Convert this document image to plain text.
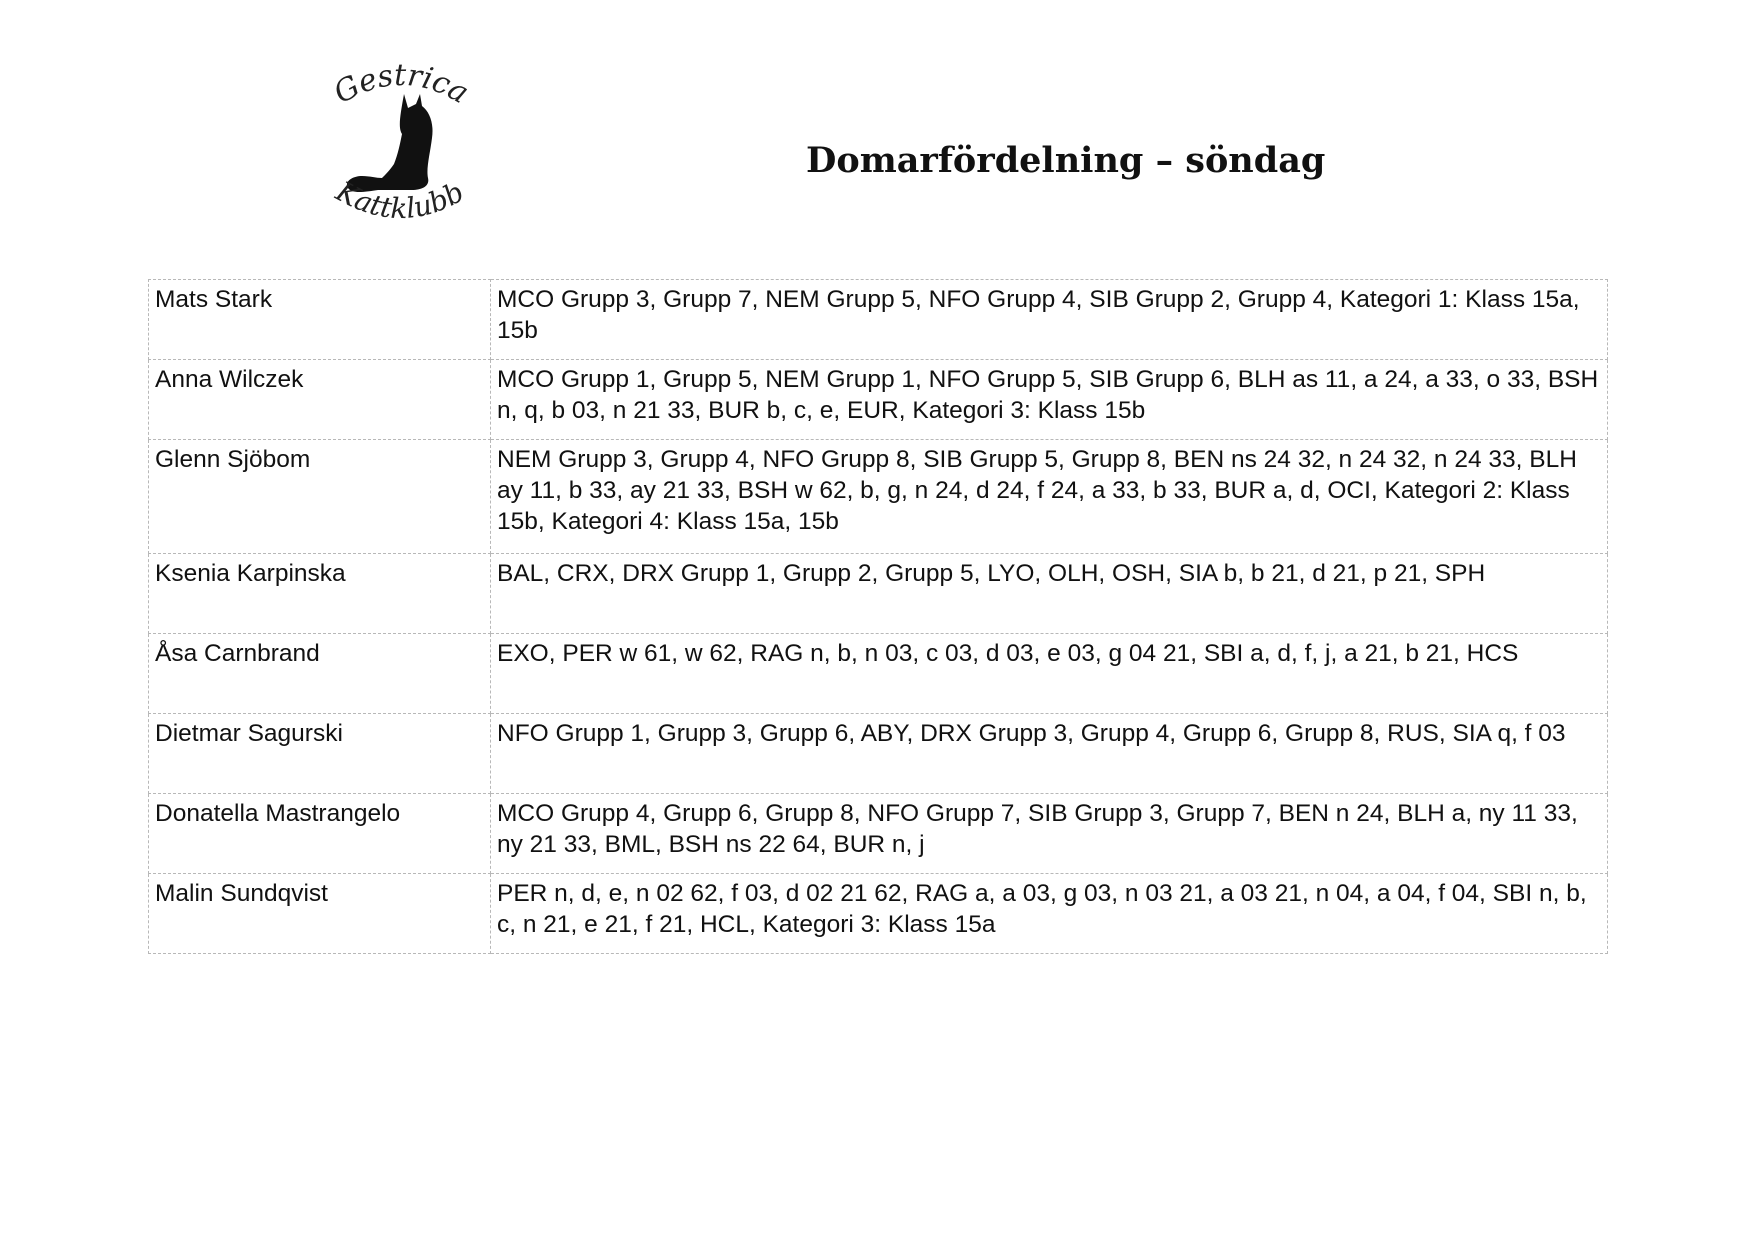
Gestrica
Kattklubb
Domarfördelning – söndag
Mats Stark	MCO Grupp 3, Grupp 7, NEM Grupp 5, NFO Grupp 4, SIB Grupp 2, Grupp 4, Kategori 1: Klass 15a, 15b
Anna Wilczek	MCO Grupp 1, Grupp 5, NEM Grupp 1, NFO Grupp 5, SIB Grupp 6, BLH as 11, a 24, a 33, o 33, BSH n, q, b 03, n 21 33, BUR b, c, e, EUR, Kategori 3: Klass 15b
Glenn Sjöbom	NEM Grupp 3, Grupp 4, NFO Grupp 8, SIB Grupp 5, Grupp 8, BEN ns 24 32, n 24 32, n 24 33, BLH ay 11, b 33, ay 21 33, BSH w 62, b, g, n 24, d 24, f 24, a 33, b 33, BUR a, d, OCI, Kategori 2: Klass 15b, Kategori 4: Klass 15a, 15b
Ksenia Karpinska	BAL, CRX, DRX Grupp 1, Grupp 2, Grupp 5, LYO, OLH, OSH, SIA b, b 21, d 21, p 21, SPH
Åsa Carnbrand	EXO, PER w 61, w 62, RAG n, b, n 03, c 03, d 03, e 03, g 04 21, SBI a, d, f, j, a 21, b 21, HCS
Dietmar Sagurski	NFO Grupp 1, Grupp 3, Grupp 6, ABY, DRX Grupp 3, Grupp 4, Grupp 6, Grupp 8, RUS, SIA q, f 03
Donatella Mastrangelo	MCO Grupp 4, Grupp 6, Grupp 8, NFO Grupp 7, SIB Grupp 3, Grupp 7, BEN n 24, BLH a, ny 11 33, ny 21 33, BML, BSH ns 22 64, BUR n, j
Malin Sundqvist	PER n, d, e, n 02 62, f 03, d 02 21 62, RAG a, a 03, g 03, n 03 21, a 03 21, n 04, a 04, f 04, SBI n, b, c, n 21, e 21, f 21, HCL, Kategori 3: Klass 15a
